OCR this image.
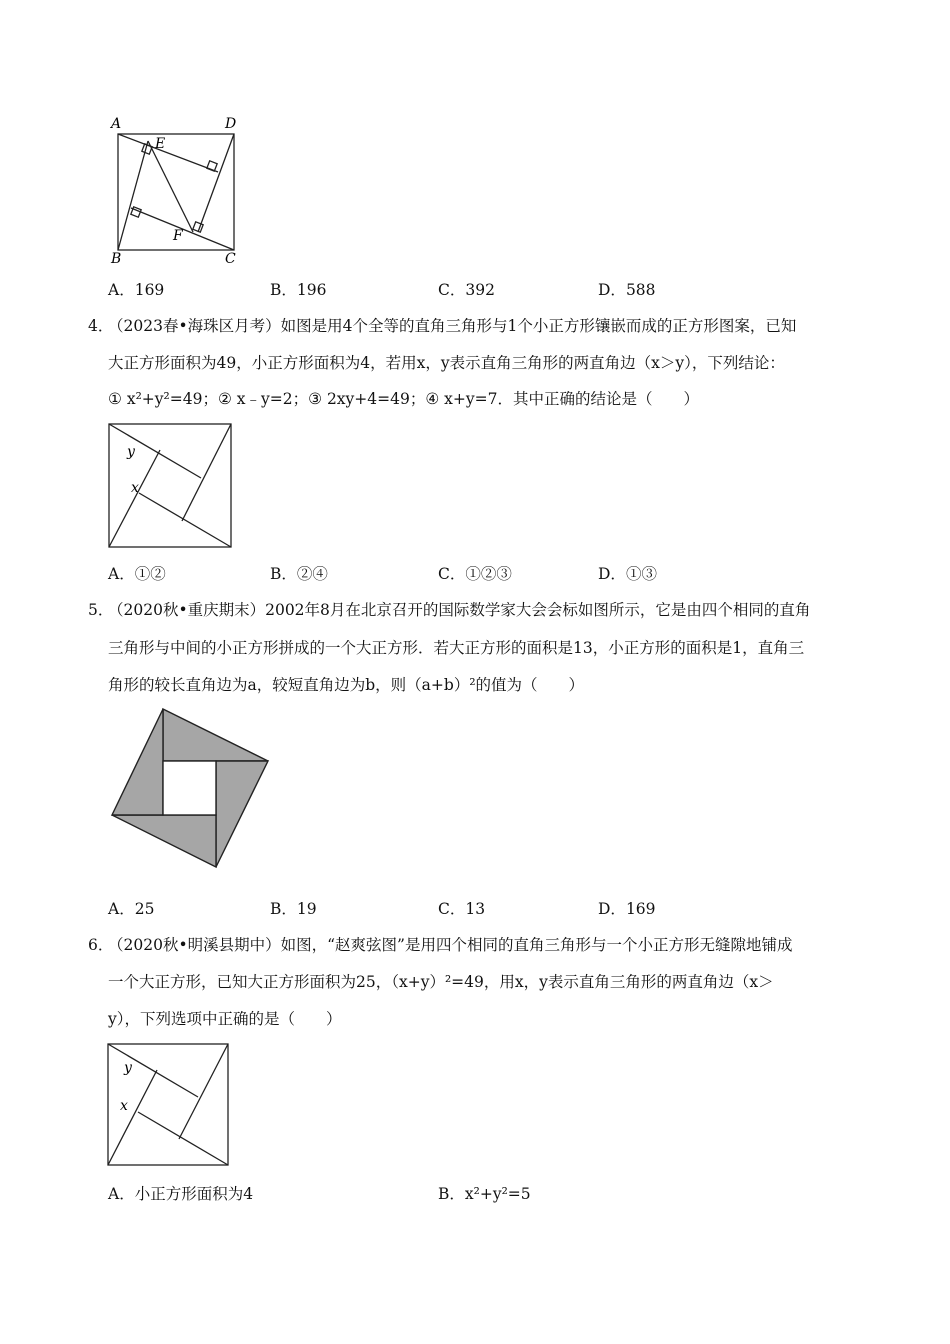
A	D
E
F
B	C
A．169	B．196	C．392	D．588
4．
（2023春•海珠区月考）如图是用4个全等的直角三角形与1个小正方形镶嵌而成的正方形图案，已知
大正方形面积为49，小正方形面积为4，若用x，y表示直角三角形的两直角边（x＞y），下列结论：
① x²+y²=49；② x﹣y=2；③ 2xy+4=49；④ x+y=7．其中正确的结论是（　　）
y
x
A．①②	B．②④	C．①②③	D．①③
5．
（2020秋•重庆期末）2002年8月在北京召开的国际数学家大会会标如图所示，它是由四个相同的直角
三角形与中间的小正方形拼成的一个大正方形．若大正方形的面积是13，小正方形的面积是1，直角三
角形的较长直角边为a，较短直角边为b，则（a+b）²的值为（　　）
A．25	B．19	C．13	D．169
6．
（2020秋•明溪县期中）如图，“赵爽弦图”是用四个相同的直角三角形与一个小正方形无缝隙地铺成
一个大正方形，已知大正方形面积为25，（x+y）²=49，用x，y表示直角三角形的两直角边（x＞
y），下列选项中正确的是（　　）
y
x
A．小正方形面积为4	B．x²+y²=5
